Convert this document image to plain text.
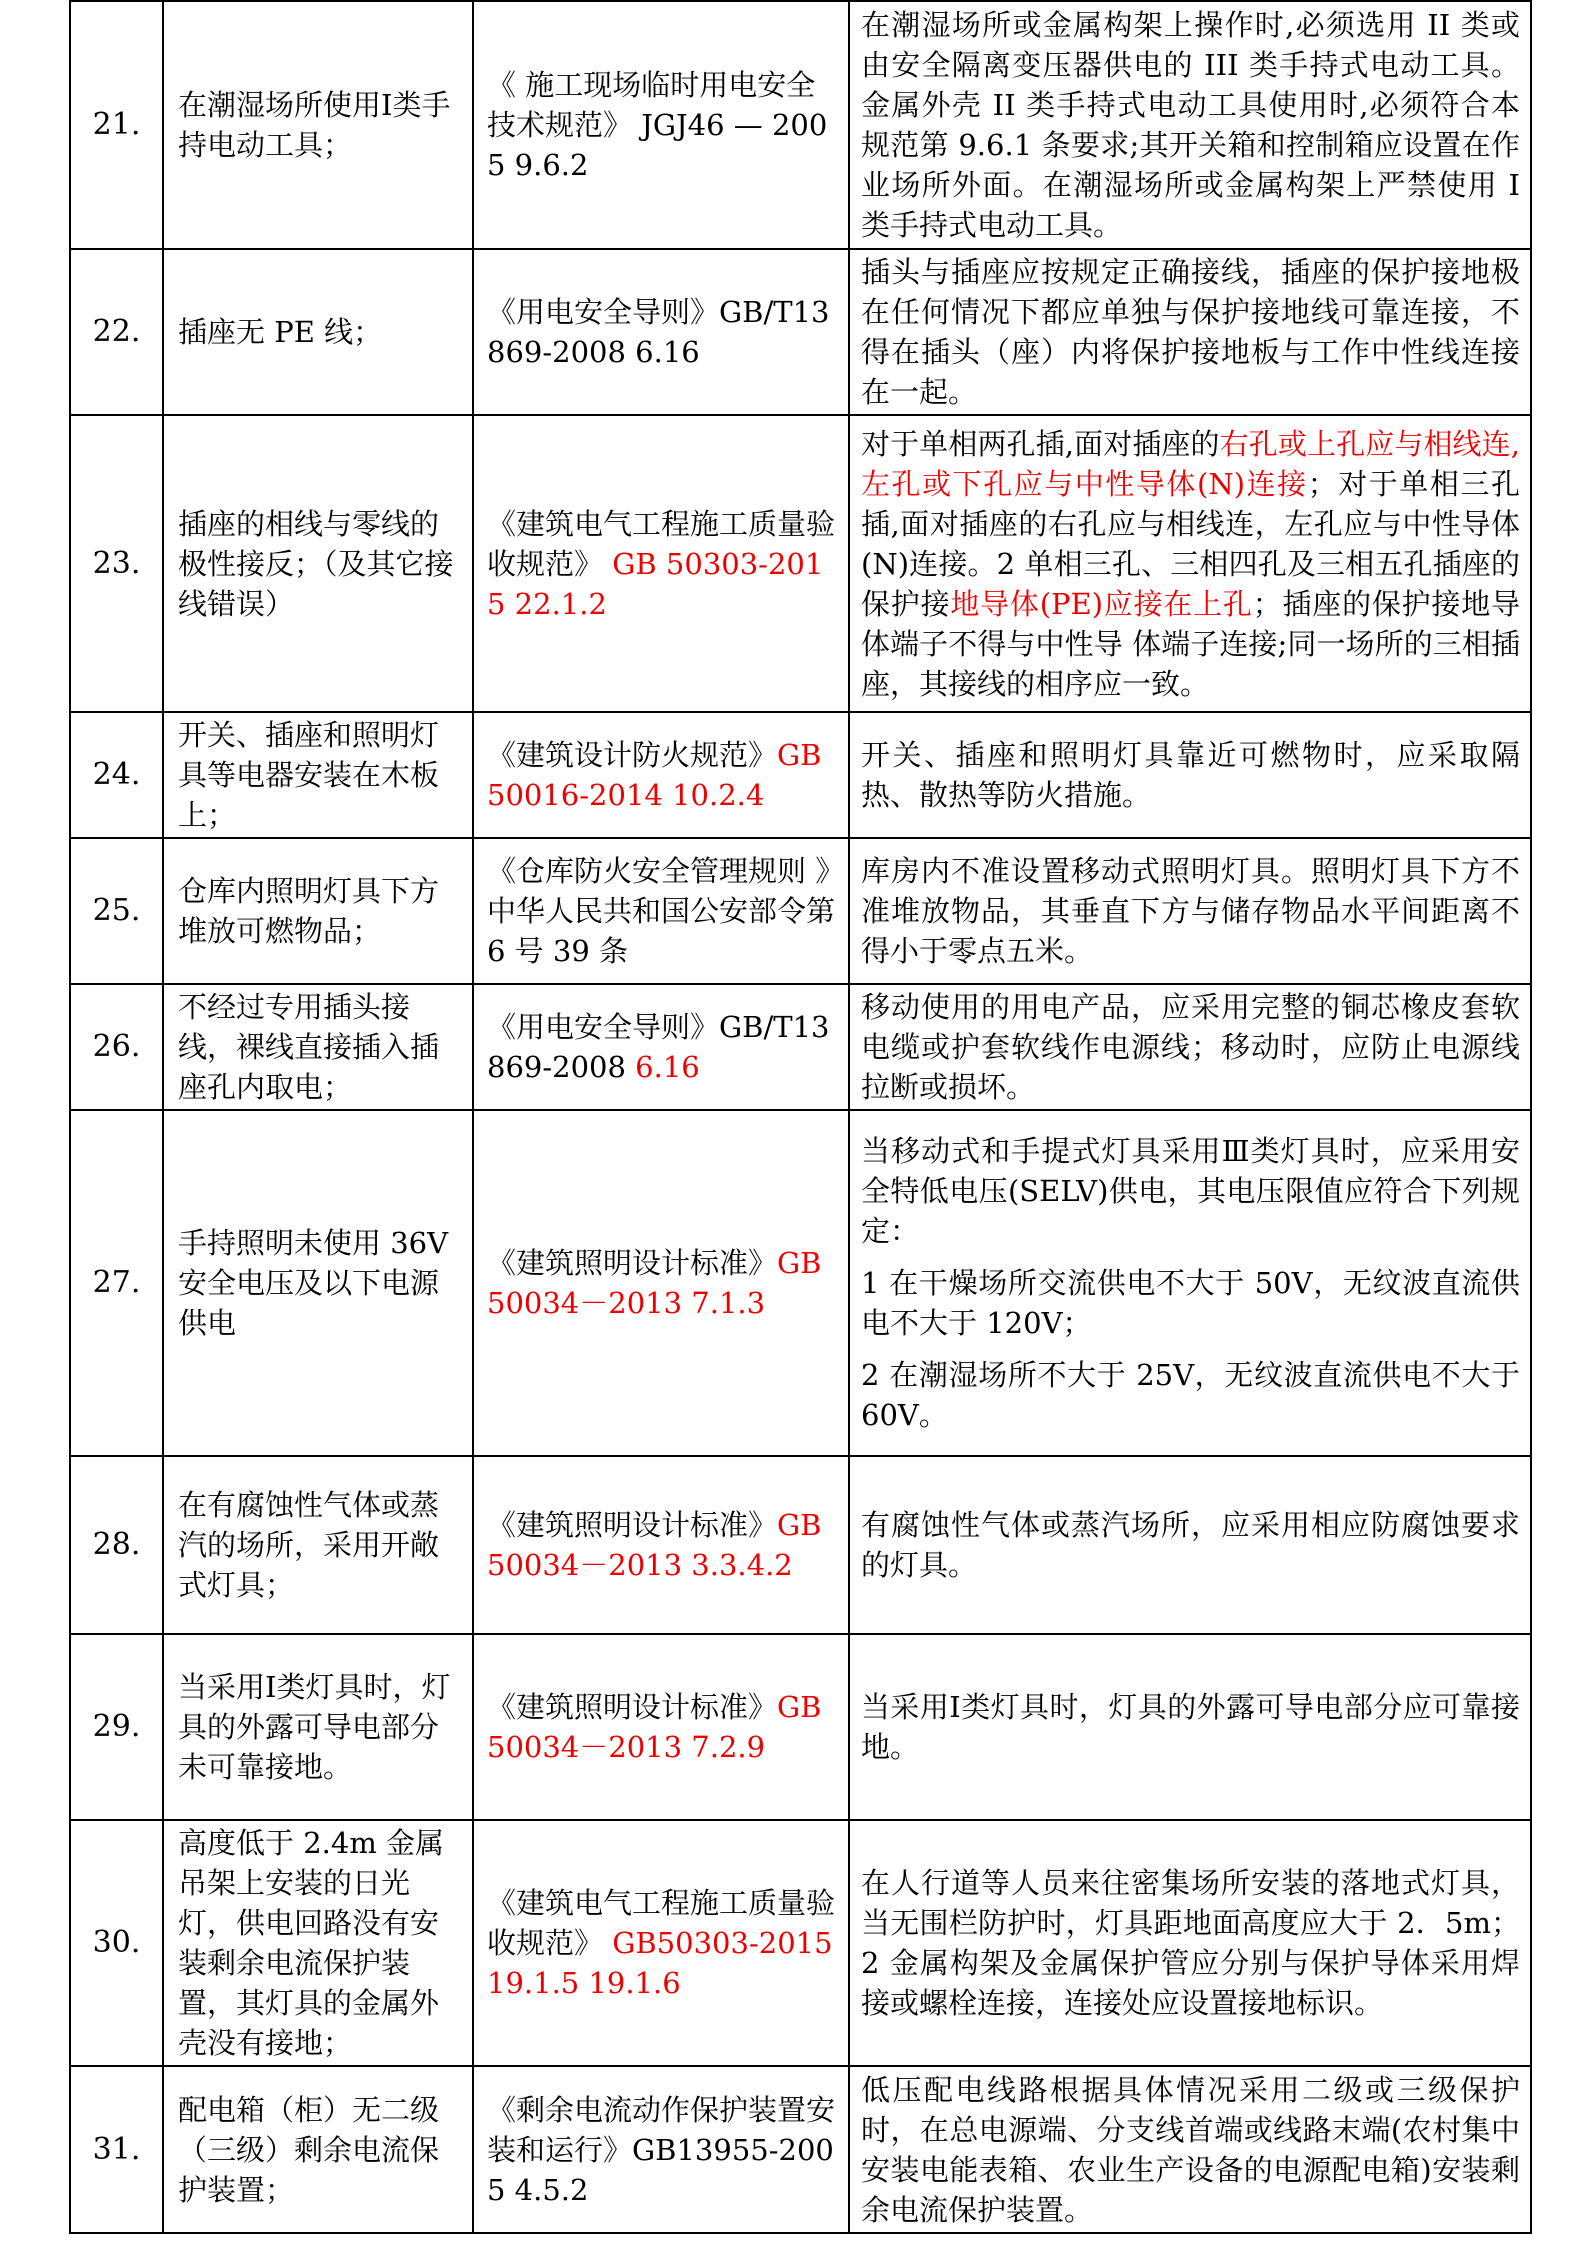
21.	在潮湿场所使用Ⅰ类手持电动工具；	《 施工现场临时用电安全技术规范》 JGJ46 — 2005 9.6.2	在潮湿场所或金属构架上操作时,必须选用 II 类或由安全隔离变压器供电的 III 类手持式电动工具。金属外壳 II 类手持式电动工具使用时,必须符合本规范第 9.6.1 条要求;其开关箱和控制箱应设置在作业场所外面。在潮湿场所或金属构架上严禁使用 I 类手持式电动工具。

22.	插座无 PE 线；	《用电安全导则》GB/T13869-2008 6.16	插头与插座应按规定正确接线，插座的保护接地极在任何情况下都应单独与保护接地线可靠连接，不得在插头（座）内将保护接地板与工作中性线连接在一起。

23.	插座的相线与零线的极性接反；（及其它接线错误）	《建筑电气工程施工质量验收规范》 GB 50303-2015 22.1.2	对于单相两孔插,面对插座的右孔或上孔应与相线连,左孔或下孔应与中性导体(N)连接；对于单相三孔插,面对插座的右孔应与相线连，左孔应与中性导体(N)连接。2 单相三孔、三相四孔及三相五孔插座的保护接地导体(PE)应接在上孔；插座的保护接地导体端子不得与中性导 体端子连接;同一场所的三相插座，其接线的相序应一致。

24.	开关、插座和照明灯具等电器安装在木板上；	《建筑设计防火规范》GB 50016-2014 10.2.4	开关、插座和照明灯具靠近可燃物时，应采取隔热、散热等防火措施。

25.	仓库内照明灯具下方堆放可燃物品；	《仓库防火安全管理规则 》中华人民共和国公安部令第 6 号 39 条	库房内不准设置移动式照明灯具。照明灯具下方不准堆放物品，其垂直下方与储存物品水平间距离不得小于零点五米。

26.	不经过专用插头接线，裸线直接插入插座孔内取电；	《用电安全导则》GB/T13869-2008 6.16	移动使用的用电产品，应采用完整的铜芯橡皮套软电缆或护套软线作电源线；移动时，应防止电源线拉断或损坏。

27.	手持照明未使用 36V 安全电压及以下电源供电	《建筑照明设计标准》GB 50034－2013 7.1.3	当移动式和手提式灯具采用Ⅲ类灯具时，应采用安全特低电压(SELV)供电，其电压限值应符合下列规定：

1 在干燥场所交流供电不大于 50V，无纹波直流供电不大于 120V；

2 在潮湿场所不大于 25V，无纹波直流供电不大于 60V。

28.	在有腐蚀性气体或蒸汽的场所，采用开敞式灯具；	《建筑照明设计标准》GB 50034－2013 3.3.4.2	有腐蚀性气体或蒸汽场所，应采用相应防腐蚀要求的灯具。

29.	当采用Ⅰ类灯具时，灯具的外露可导电部分未可靠接地。	《建筑照明设计标准》GB 50034－2013 7.2.9	当采用Ⅰ类灯具时，灯具的外露可导电部分应可靠接地。

30.	高度低于 2.4m 金属吊架上安装的日光灯，供电回路没有安装剩余电流保护装置，其灯具的金属外壳没有接地；	《建筑电气工程施工质量验收规范》 GB50303-2015 19.1.5 19.1.6	在人行道等人员来往密集场所安装的落地式灯具，当无围栏防护时，灯具距地面高度应大于 2．5m； 2 金属构架及金属保护管应分别与保护导体采用焊接或螺栓连接，连接处应设置接地标识。

31.	配电箱（柜）无二级（三级）剩余电流保护装置；	《剩余电流动作保护装置安装和运行》GB13955-2005 4.5.2	低压配电线路根据具体情况采用二级或三级保护时，在总电源端、分支线首端或线路末端(农村集中安装电能表箱、农业生产设备的电源配电箱)安装剩余电流保护装置。
